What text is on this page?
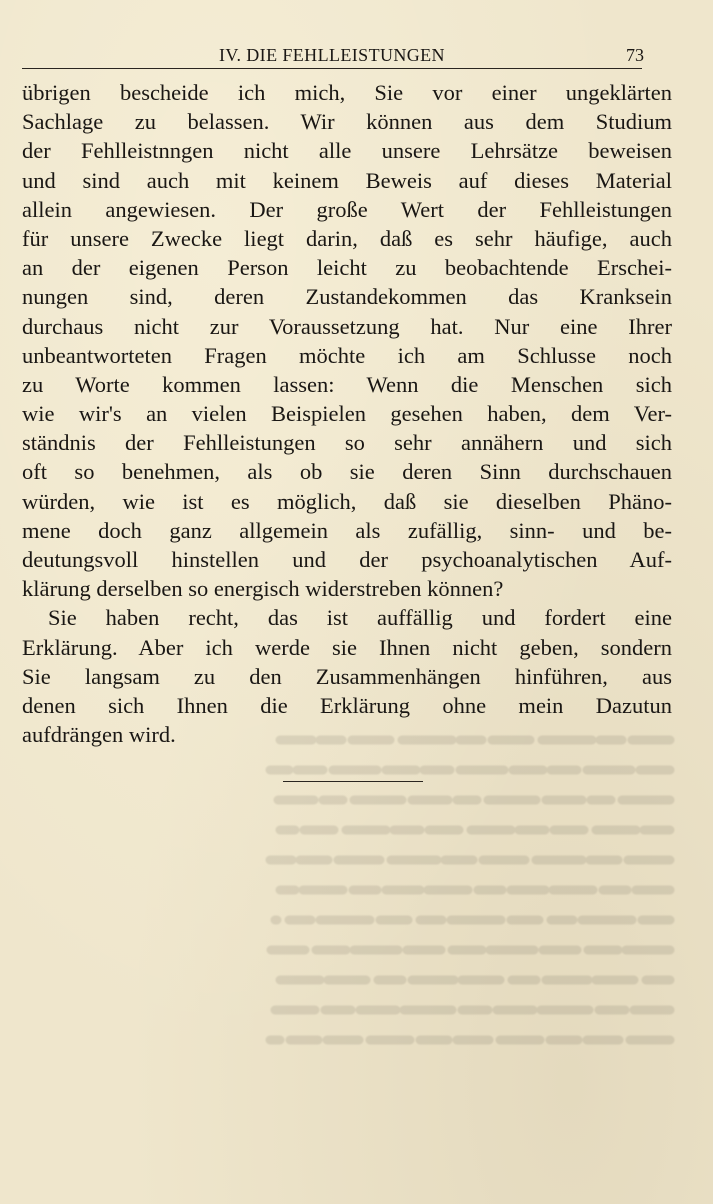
IV. DIE FEHLLEISTUNGEN	73
übrigen bescheide ich mich, Sie vor einer ungeklärten
Sachlage zu belassen. Wir können aus dem Studium
der Fehlleistnngen nicht alle unsere Lehrsätze beweisen
und sind auch mit keinem Beweis auf dieses Material
allein angewiesen. Der große Wert der Fehlleistungen
für unsere Zwecke liegt darin, daß es sehr häufige, auch
an der eigenen Person leicht zu beobachtende Erschei-
nungen sind, deren Zustandekommen das Kranksein
durchaus nicht zur Voraussetzung hat. Nur eine Ihrer
unbeantworteten Fragen möchte ich am Schlusse noch
zu Worte kommen lassen: Wenn die Menschen sich
wie wir's an vielen Beispielen gesehen haben, dem Ver-
ständnis der Fehlleistungen so sehr annähern und sich
oft so benehmen, als ob sie deren Sinn durchschauen
würden, wie ist es möglich, daß sie dieselben Phäno-
mene doch ganz allgemein als zufällig, sinn- und be-
deutungsvoll hinstellen und der psychoanalytischen Auf-
klärung derselben so energisch widerstreben können?
Sie haben recht, das ist auffällig und fordert eine
Erklärung. Aber ich werde sie Ihnen nicht geben, sondern
Sie langsam zu den Zusammenhängen hinführen, aus
denen sich Ihnen die Erklärung ohne mein Dazutun
aufdrängen wird.
